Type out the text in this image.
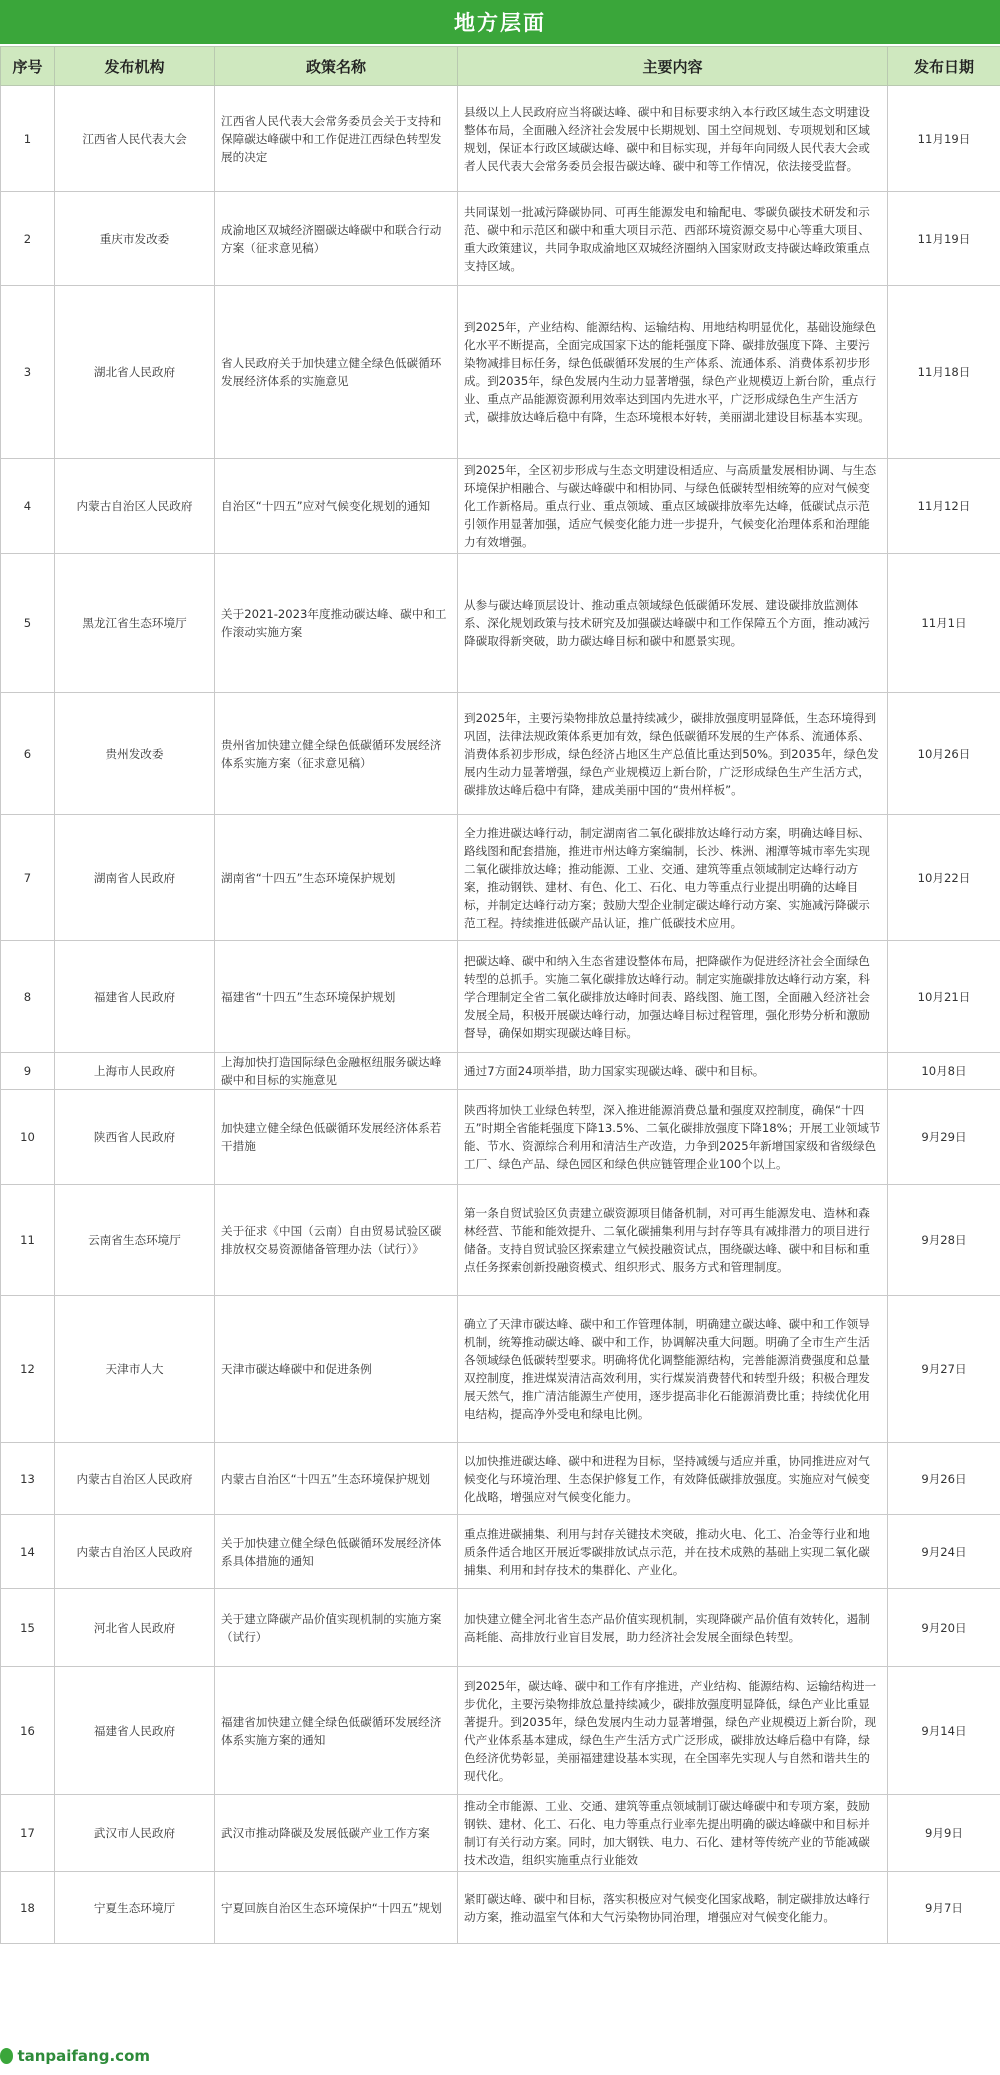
地方层面
序号	发布机构	政策名称	主要内容	发布日期
1	江西省人民代表大会	江西省人民代表大会常务委员会关于支持和保障碳达峰碳中和工作促进江西绿色转型发展的决定	县级以上人民政府应当将碳达峰、碳中和目标要求纳入本行政区域生态文明建设整体布局，全面融入经济社会发展中长期规划、国土空间规划、专项规划和区域规划，保证本行政区域碳达峰、碳中和目标实现，并每年向同级人民代表大会或者人民代表大会常务委员会报告碳达峰、碳中和等工作情况，依法接受监督。	11月19日
2	重庆市发改委	成渝地区双城经济圈碳达峰碳中和联合行动方案（征求意见稿）	共同谋划一批减污降碳协同、可再生能源发电和输配电、零碳负碳技术研发和示范、碳中和示范区和碳中和重大项目示范、西部环境资源交易中心等重大项目、重大政策建议，共同争取成渝地区双城经济圈纳入国家财政支持碳达峰政策重点支持区域。	11月19日
3	湖北省人民政府	省人民政府关于加快建立健全绿色低碳循环发展经济体系的实施意见	到2025年，产业结构、能源结构、运输结构、用地结构明显优化，基础设施绿色化水平不断提高，全面完成国家下达的能耗强度下降、碳排放强度下降、主要污染物减排目标任务，绿色低碳循环发展的生产体系、流通体系、消费体系初步形成。到2035年，绿色发展内生动力显著增强，绿色产业规模迈上新台阶，重点行业、重点产品能源资源利用效率达到国内先进水平，广泛形成绿色生产生活方式，碳排放达峰后稳中有降，生态环境根本好转，美丽湖北建设目标基本实现。	11月18日
4	内蒙古自治区人民政府	自治区“十四五”应对气候变化规划的通知	到2025年，全区初步形成与生态文明建设相适应、与高质量发展相协调、与生态环境保护相融合、与碳达峰碳中和相协同、与绿色低碳转型相统筹的应对气候变化工作新格局。重点行业、重点领域、重点区域碳排放率先达峰，低碳试点示范引领作用显著加强，适应气候变化能力进一步提升，气候变化治理体系和治理能力有效增强。	11月12日
5	黑龙江省生态环境厅	关于2021-2023年度推动碳达峰、碳中和工作滚动实施方案	从参与碳达峰顶层设计、推动重点领域绿色低碳循环发展、建设碳排放监测体系、深化规划政策与技术研究及加强碳达峰碳中和工作保障五个方面，推动减污降碳取得新突破，助力碳达峰目标和碳中和愿景实现。	11月1日
6	贵州发改委	贵州省加快建立健全绿色低碳循环发展经济体系实施方案（征求意见稿）	到2025年，主要污染物排放总量持续减少，碳排放强度明显降低，生态环境得到巩固，法律法规政策体系更加有效，绿色低碳循环发展的生产体系、流通体系、消费体系初步形成，绿色经济占地区生产总值比重达到50%。到2035年，绿色发展内生动力显著增强，绿色产业规模迈上新台阶，广泛形成绿色生产生活方式，碳排放达峰后稳中有降，建成美丽中国的“贵州样板”。	10月26日
7	湖南省人民政府	湖南省“十四五”生态环境保护规划	全力推进碳达峰行动，制定湖南省二氧化碳排放达峰行动方案，明确达峰目标、路线图和配套措施，推进市州达峰方案编制，长沙、株洲、湘潭等城市率先实现二氧化碳排放达峰；推动能源、工业、交通、建筑等重点领域制定达峰行动方案，推动钢铁、建材、有色、化工、石化、电力等重点行业提出明确的达峰目标，并制定达峰行动方案；鼓励大型企业制定碳达峰行动方案、实施减污降碳示范工程。持续推进低碳产品认证，推广低碳技术应用。	10月22日
8	福建省人民政府	福建省“十四五”生态环境保护规划	把碳达峰、碳中和纳入生态省建设整体布局，把降碳作为促进经济社会全面绿色转型的总抓手。实施二氧化碳排放达峰行动。制定实施碳排放达峰行动方案，科学合理制定全省二氧化碳排放达峰时间表、路线图、施工图，全面融入经济社会发展全局，积极开展碳达峰行动，加强达峰目标过程管理，强化形势分析和激励督导，确保如期实现碳达峰目标。	10月21日
9	上海市人民政府	上海加快打造国际绿色金融枢纽服务碳达峰碳中和目标的实施意见	通过7方面24项举措，助力国家实现碳达峰、碳中和目标。	10月8日
10	陕西省人民政府	加快建立健全绿色低碳循环发展经济体系若干措施	陕西将加快工业绿色转型，深入推进能源消费总量和强度双控制度，确保“十四五”时期全省能耗强度下降13.5%、二氧化碳排放强度下降18%；开展工业领域节能、节水、资源综合利用和清洁生产改造，力争到2025年新增国家级和省级绿色工厂、绿色产品、绿色园区和绿色供应链管理企业100个以上。	9月29日
11	云南省生态环境厅	关于征求《中国（云南）自由贸易试验区碳排放权交易资源储备管理办法（试行）》	第一条自贸试验区负责建立碳资源项目储备机制，对可再生能源发电、造林和森林经营、节能和能效提升、二氧化碳捕集利用与封存等具有减排潜力的项目进行储备。支持自贸试验区探索建立气候投融资试点，围绕碳达峰、碳中和目标和重点任务探索创新投融资模式、组织形式、服务方式和管理制度。	9月28日
12	天津市人大	天津市碳达峰碳中和促进条例	确立了天津市碳达峰、碳中和工作管理体制，明确建立碳达峰、碳中和工作领导机制，统筹推动碳达峰、碳中和工作，协调解决重大问题。明确了全市生产生活各领域绿色低碳转型要求。明确将优化调整能源结构，完善能源消费强度和总量双控制度，推进煤炭清洁高效利用，实行煤炭消费替代和转型升级；积极合理发展天然气，推广清洁能源生产使用，逐步提高非化石能源消费比重；持续优化用电结构，提高净外受电和绿电比例。	9月27日
13	内蒙古自治区人民政府	内蒙古自治区“十四五”生态环境保护规划	以加快推进碳达峰、碳中和进程为目标，坚持减缓与适应并重，协同推进应对气候变化与环境治理、生态保护修复工作，有效降低碳排放强度。实施应对气候变化战略，增强应对气候变化能力。	9月26日
14	内蒙古自治区人民政府	关于加快建立健全绿色低碳循环发展经济体系具体措施的通知	重点推进碳捕集、利用与封存关键技术突破，推动火电、化工、冶金等行业和地质条件适合地区开展近零碳排放试点示范，并在技术成熟的基础上实现二氧化碳捕集、利用和封存技术的集群化、产业化。	9月24日
15	河北省人民政府	关于建立降碳产品价值实现机制的实施方案（试行）	加快建立健全河北省生态产品价值实现机制，实现降碳产品价值有效转化，遏制高耗能、高排放行业盲目发展，助力经济社会发展全面绿色转型。	9月20日
16	福建省人民政府	福建省加快建立健全绿色低碳循环发展经济体系实施方案的通知	到2025年，碳达峰、碳中和工作有序推进，产业结构、能源结构、运输结构进一步优化，主要污染物排放总量持续减少，碳排放强度明显降低，绿色产业比重显著提升。到2035年，绿色发展内生动力显著增强，绿色产业规模迈上新台阶，现代产业体系基本建成，绿色生产生活方式广泛形成，碳排放达峰后稳中有降，绿色经济优势彰显，美丽福建建设基本实现，在全国率先实现人与自然和谐共生的现代化。	9月14日
17	武汉市人民政府	武汉市推动降碳及发展低碳产业工作方案	推动全市能源、工业、交通、建筑等重点领域制订碳达峰碳中和专项方案，鼓励钢铁、建材、化工、石化、电力等重点行业率先提出明确的碳达峰碳中和目标并制订有关行动方案。同时，加大钢铁、电力、石化、建材等传统产业的节能减碳技术改造，组织实施重点行业能效	9月9日
18	宁夏生态环境厅	宁夏回族自治区生态环境保护“十四五”规划	紧盯碳达峰、碳中和目标，落实积极应对气候变化国家战略，制定碳排放达峰行动方案，推动温室气体和大气污染物协同治理，增强应对气候变化能力。	9月7日
tanpaifang.com
